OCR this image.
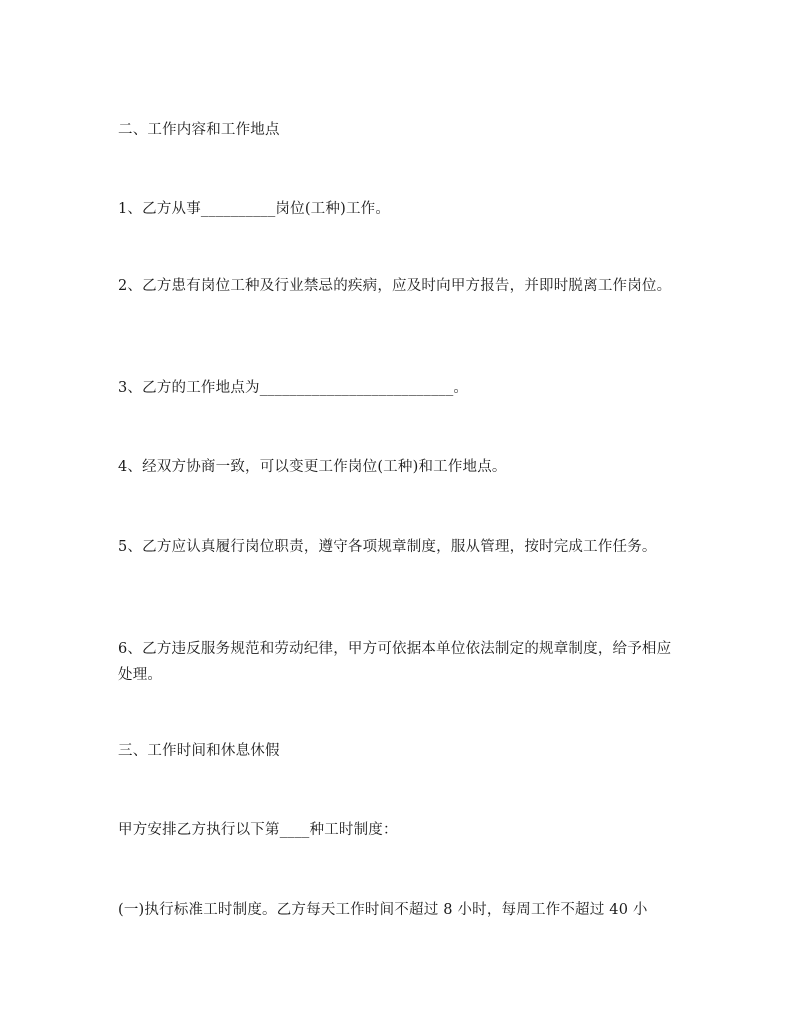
二、工作内容和工作地点

1、乙方从事__________岗位(工种)工作。

2、乙方患有岗位工种及行业禁忌的疾病，应及时向甲方报告，并即时脱离工作岗位。

3、乙方的工作地点为__________________________。

4、经双方协商一致，可以变更工作岗位(工种)和工作地点。

5、乙方应认真履行岗位职责，遵守各项规章制度，服从管理，按时完成工作任务。

6、乙方违反服务规范和劳动纪律，甲方可依据本单位依法制定的规章制度，给予相应处理。

三、工作时间和休息休假

甲方安排乙方执行以下第____种工时制度：

(一)执行标准工时制度。乙方每天工作时间不超过 8 小时，每周工作不超过 40 小
